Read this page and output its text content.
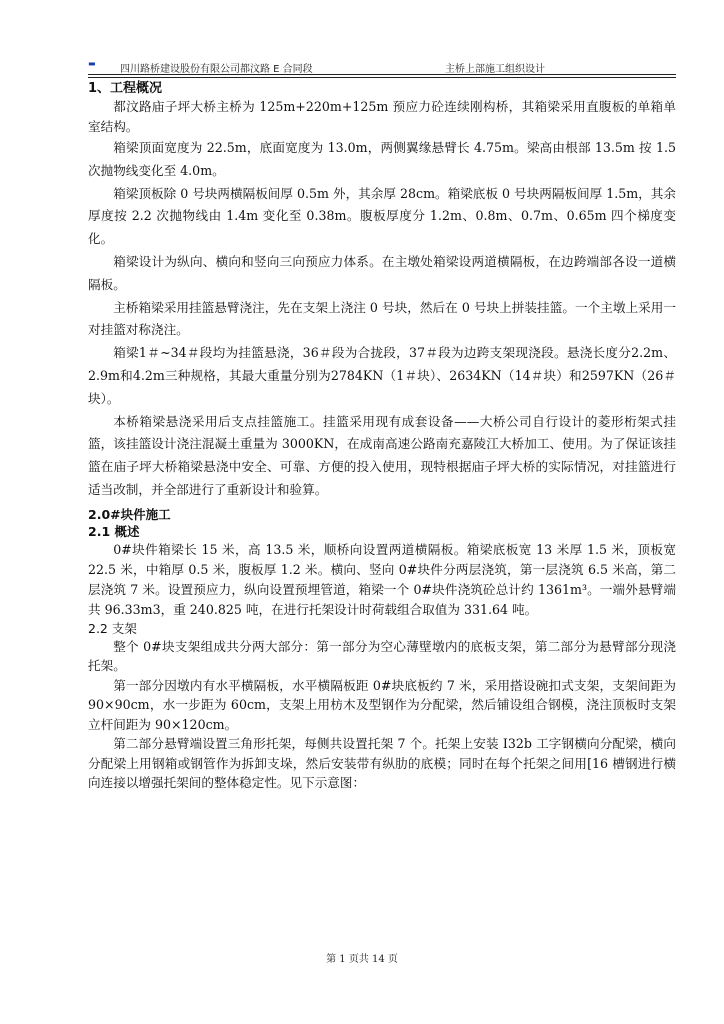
▬
四川路桥建设股份有限公司都汶路 E 合同段	主桥上部施工组织设计

1、工程概况

都汶路庙子坪大桥主桥为 125m+220m+125m 预应力砼连续刚构桥，其箱梁采用直腹板的单箱单室结构。

箱梁顶面宽度为 22.5m，底面宽度为 13.0m，两侧翼缘悬臂长 4.75m。梁高由根部 13.5m 按 1.5 次抛物线变化至 4.0m。

箱梁顶板除 0 号块两横隔板间厚 0.5m 外，其余厚 28cm。箱梁底板 0 号块两隔板间厚 1.5m，其余厚度按 2.2 次抛物线由 1.4m 变化至 0.38m。腹板厚度分 1.2m、0.8m、0.7m、0.65m 四个梯度变化。

箱梁设计为纵向、横向和竖向三向预应力体系。在主墩处箱梁设两道横隔板，在边跨端部各设一道横隔板。

主桥箱梁采用挂篮悬臂浇注，先在支架上浇注 0 号块，然后在 0 号块上拼装挂篮。一个主墩上采用一对挂篮对称浇注。

箱梁1＃~34＃段均为挂篮悬浇，36＃段为合拢段，37＃段为边跨支架现浇段。悬浇长度分2.2m、2.9m和4.2m三种规格，其最大重量分别为2784KN（1＃块）、2634KN（14＃块）和2597KN（26＃块）。

本桥箱梁悬浇采用后支点挂篮施工。挂篮采用现有成套设备——大桥公司自行设计的菱形桁架式挂篮，该挂篮设计浇注混凝土重量为 3000KN，在成南高速公路南充嘉陵江大桥加工、使用。为了保证该挂篮在庙子坪大桥箱梁悬浇中安全、可靠、方便的投入使用，现特根据庙子坪大桥的实际情况，对挂篮进行适当改制，并全部进行了重新设计和验算。

2.0#块件施工

2.1 概述

0#块件箱梁长 15 米，高 13.5 米，顺桥向设置两道横隔板。箱梁底板宽 13 米厚 1.5 米，顶板宽 22.5 米，中箱厚 0.5 米，腹板厚 1.2 米。横向、竖向 0#块件分两层浇筑，第一层浇筑 6.5 米高，第二层浇筑 7 米。设置预应力，纵向设置预埋管道，箱梁一个 0#块件浇筑砼总计约 1361m³。一端外悬臂端共 96.33m3，重 240.825 吨，在进行托架设计时荷载组合取值为 331.64 吨。

2.2 支架

整个 0#块支架组成共分两大部分：第一部分为空心薄壁墩内的底板支架，第二部分为悬臂部分现浇托架。

第一部分因墩内有水平横隔板，水平横隔板距 0#块底板约 7 米，采用搭设碗扣式支架，支架间距为 90×90cm，水一步距为 60cm，支架上用枋木及型钢作为分配梁，然后铺设组合钢模，浇注顶板时支架立杆间距为 90×120cm。

第二部分悬臂端设置三角形托架，每侧共设置托架 7 个。托架上安装 I32b 工字钢横向分配梁，横向分配梁上用钢箱或钢管作为拆卸支垛，然后安装带有纵肋的底模；同时在每个托架之间用[16 槽钢进行横向连接以增强托架间的整体稳定性。见下示意图：

第 1 页共 14 页
